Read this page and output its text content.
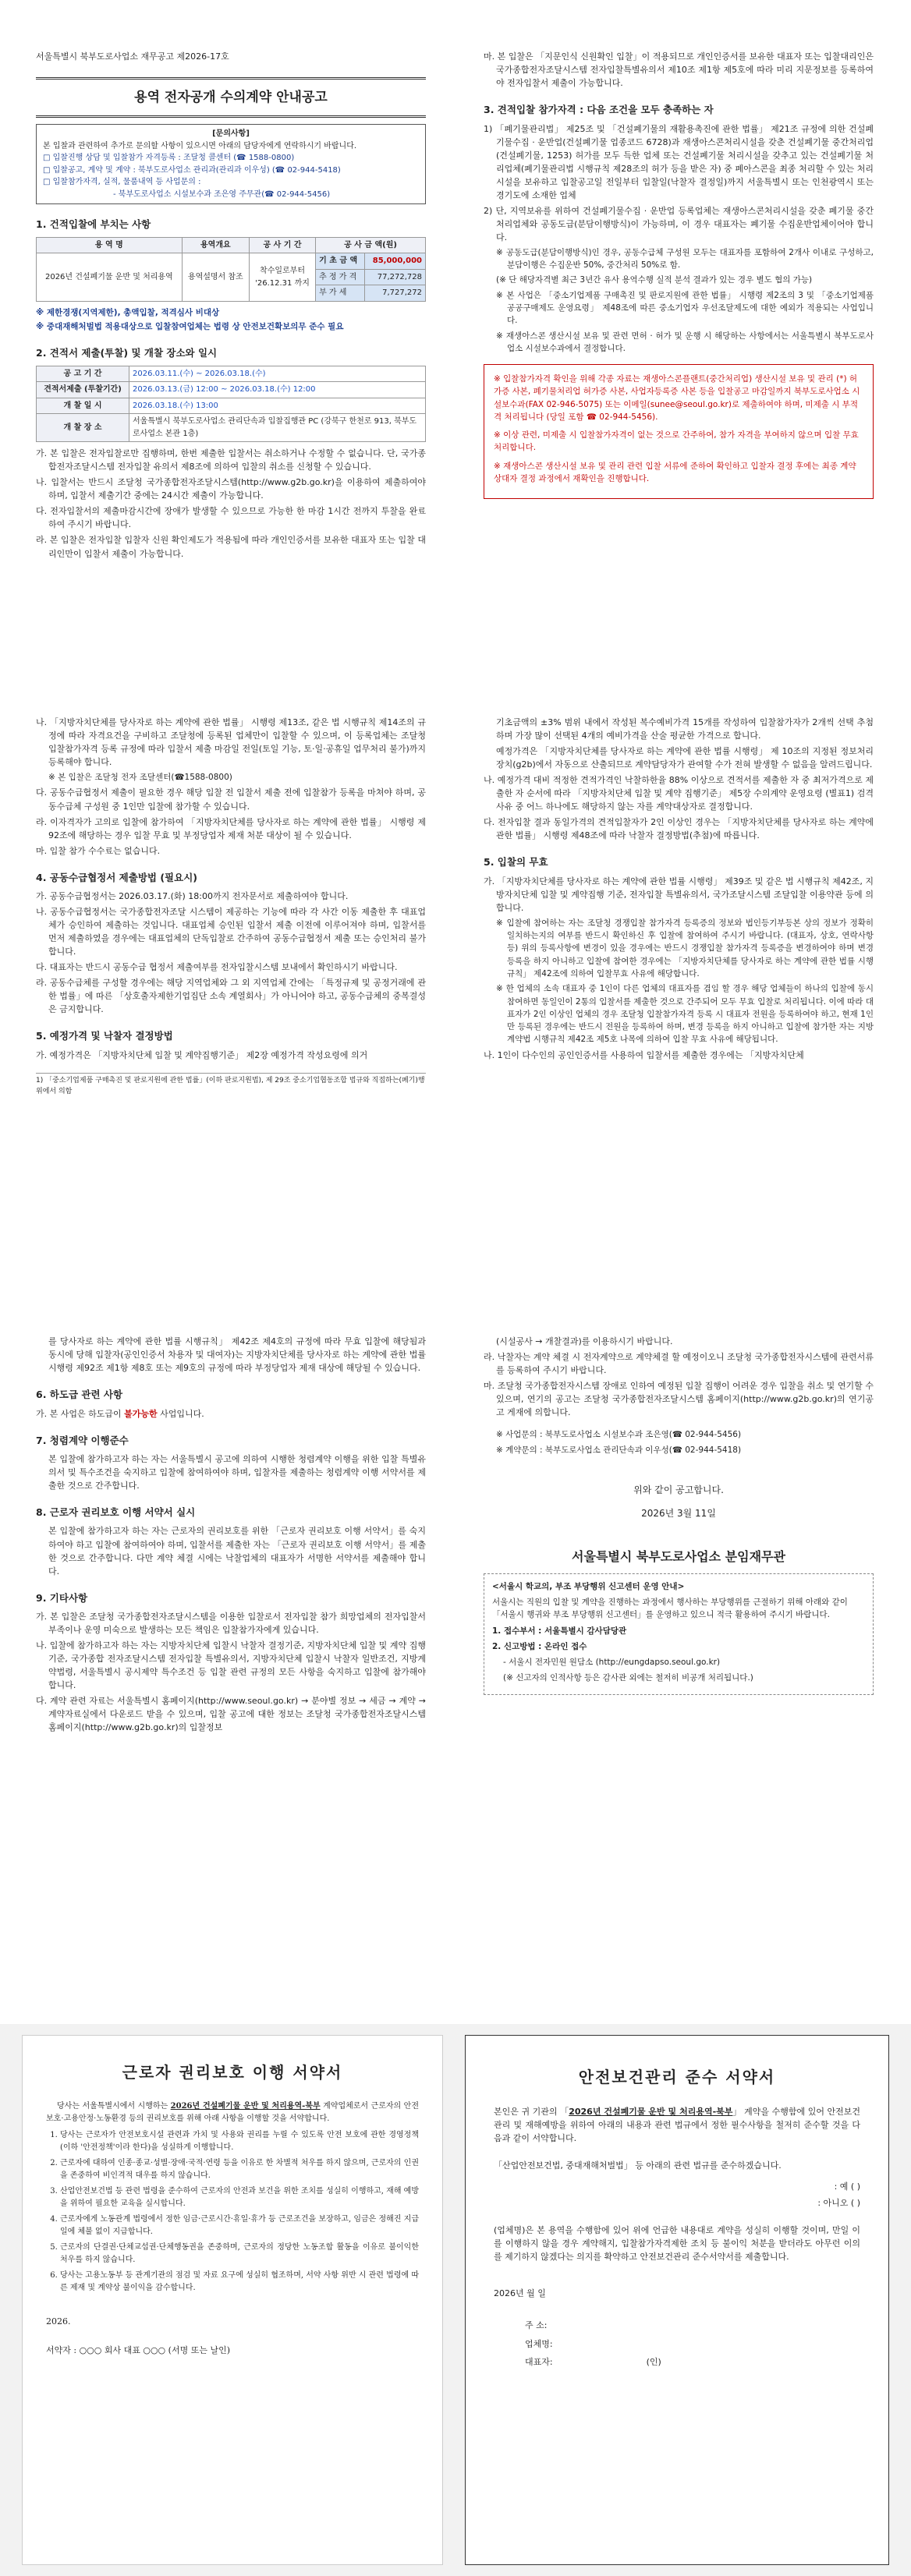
서울특별시 북부도로사업소 재무공고 제2026-17호

용역 전자공개 수의계약 안내공고
[문의사항]
본 입찰과 관련하여 추가로 문의할 사항이 있으시면 아래의 담당자에게 연락하시기 바랍니다.
□ 입찰진행 상담 및 입찰참가 자격등록 : 조달청 콜센터 (☎ 1588-0800)
□ 입찰공고, 계약 및 계약 : 북부도로사업소 관리과(관리과 이우성) (☎ 02-944-5418)
□ 입찰참가자격, 실적, 물품내역 등 사업문의 :
- 북부도로사업소 시설보수과 조은영 주무관(☎ 02-944-5456)
1. 건적입찰에 부치는 사항
용 역 명	용역개요	공 사 기 간	공 사 금 액(원)	
2026년 건설폐기물 운반 및 처리용역	용역설명서 참조	착수일로부터
'26.12.31 까지	기 초 금 액	85,000,000
			추 정 가 격	77,272,728
			부 가 세	7,727,272

※ 제한경쟁(지역제한), 총액입찰, 적격심사 비대상

※ 중대재해처벌법 적용대상으로 입찰참여업체는 법령 상 안전보건확보의무 준수 필요

2. 견적서 제출(투찰) 및 개찰 장소와 일시
공 고 기 간	2026.03.11.(수) ~ 2026.03.18.(수)
견적서제출 (투찰기간)	2026.03.13.(금) 12:00 ~ 2026.03.18.(수) 12:00
개 찰 일 시	2026.03.18.(수) 13:00
개 찰 장 소	서울특별시 북부도로사업소 관리단속과 입찰집행관 PC (강북구 한천로 913, 북부도로사업소 본관 1층)

가. 본 입찰은 전자입찰로만 집행하며, 한번 제출한 입찰서는 취소하거나 수정할 수 없습니다. 단, 국가종합전자조달시스템 전자입찰 유의서 제8조에 의하여 입찰의 취소를 신청할 수 있습니다.

나. 입찰서는 반드시 조달청 국가종합전자조달시스템(http://www.g2b.go.kr)을 이용하여 제출하여야 하며, 입찰서 제출기간 중에는 24시간 제출이 가능합니다.

다. 전자입찰서의 제출마감시간에 장애가 발생할 수 있으므로 가능한 한 마감 1시간 전까지 투찰을 완료하여 주시기 바랍니다.

라. 본 입찰은 전자입찰 입찰자 신원 확인제도가 적용됨에 따라 개인인증서를 보유한 대표자 또는 입찰 대리인만이 입찰서 제출이 가능합니다.

마. 본 입찰은 「지문인식 신원확인 입찰」이 적용되므로 개인인증서를 보유한 대표자 또는 입찰대리인은 국가종합전자조달시스템 전자입찰특별유의서 제10조 제1항 제5호에 따라 미리 지문정보를 등록하여야 전자입찰서 제출이 가능합니다.

3. 견적입찰 참가자격 : 다음 조건을 모두 충족하는 자

1) 「폐기물관리법」 제25조 및 「건설폐기물의 재활용촉진에 관한 법률」 제21조 규정에 의한 건설폐기물수집 · 운반업(건설폐기물 업종코드 6728)과 재생아스콘처리시설을 갖춘 건설폐기물 중간처리업(건설폐기물, 1253) 허가를 모두 득한 업체 또는 건설폐기물 처리시설을 갖추고 있는 건설폐기물 처리업체(폐기물관리법 시행규칙 제28조의 허가 등을 받은 자) 중 폐아스콘을 최종 처리할 수 있는 처리시설을 보유하고 입찰공고일 전일부터 입찰일(낙찰자 결정일)까지 서울특별시 또는 인천광역시 또는 경기도에 소재한 업체

2) 단, 지역보유를 위하여 건설폐기물수집 · 운반업 등록업체는 재생아스콘처리시설을 갖춘 폐기물 중간처리업체와 공동도급(분담이행방식)이 가능하며, 이 경우 대표자는 폐기물 수집운반업체이어야 합니다.

※ 공동도급(분담이행방식)인 경우, 공동수급체 구성원 모두는 대표자를 포함하여 2개사 이내로 구성하고, 분담이행은 수집운반 50%, 중간처리 50%로 함.

(※ 단 해당자격별 최근 3년간 유사 용역수행 실적 분석 결과가 있는 경우 별도 협의 가능)

※ 본 사업은 「중소기업제품 구매촉진 및 판로지원에 관한 법률」 시행령 제2조의 3 및 「중소기업제품 공공구매제도 운영요령」 제48조에 따른 중소기업자 우선조달제도에 대한 예외가 적용되는 사업입니다.

※ 재생아스콘 생산시설 보유 및 관련 면허 · 허가 및 운행 시 해당하는 사항에서는 서울특별시 북부도로사업소 시설보수과에서 결정합니다.

※ 입찰참가자격 확인을 위해 각종 자료는 재생아스콘플랜트(중간처리업) 생산시설 보유 및 관리 (*) 허가증 사본, 폐기물처리업 허가증 사본, 사업자등록증 사본 등을 입찰공고 마감일까지 북부도로사업소 시설보수과(FAX 02-946-5075) 또는 이메일(sunee@seoul.go.kr)로 제출하여야 하며, 미제출 시 부적격 처리됩니다 (당일 포함 ☎ 02-944-5456).

※ 이상 관련, 미제출 시 입찰참가자격이 없는 것으로 간주하여, 참가 자격을 부여하지 않으며 입찰 무효 처리합니다.

※ 재생아스콘 생산시설 보유 및 관리 관련 입찰 서류에 준하여 확인하고 입찰자 결정 후에는 최종 계약상대자 결정 과정에서 재확인을 진행합니다.

나. 「지방자치단체를 당사자로 하는 계약에 관한 법률」 시행령 제13조, 같은 법 시행규칙 제14조의 규정에 따라 자격요건을 구비하고 조달청에 등록된 업체만이 입찰할 수 있으며, 이 등록업체는 조달청 입찰참가자격 등록 규정에 따라 입찰서 제출 마감일 전일(토일 기능, 토·일·공휴일 업무처리 불가)까지 등록해야 합니다.

※ 본 입찰은 조달청 전자 조달센터(☎1588-0800)

다. 공동수급협정서 제출이 필요한 경우 해당 입찰 전 입찰서 제출 전에 입찰참가 등록을 마쳐야 하며, 공동수급체 구성원 중 1인만 입찰에 참가할 수 있습니다.

라. 이자격자가 고의로 입찰에 참가하여 「지방자치단체를 당사자로 하는 계약에 관한 법률」 시행령 제92조에 해당하는 경우 입찰 무효 및 부정당업자 제재 처분 대상이 될 수 있습니다.

마. 입찰 참가 수수료는 없습니다.

4. 공동수급협정서 제출방법 (필요시)

가. 공동수급협정서는 2026.03.17.(화) 18:00까지 전자문서로 제출하여야 합니다.

나. 공동수급협정서는 국가종합전자조달 시스템이 제공하는 기능에 따라 각 사간 이동 제출한 후 대표업체가 승인하여 제출하는 것입니다. 대표업체 승인된 입찰서 제출 이전에 이루어져야 하며, 입찰서를 먼저 제출하였을 경우에는 대표업체의 단독입찰로 간주하여 공동수급협정서 제출 또는 승인처리 불가합니다.

다. 대표자는 반드시 공동수급 협정서 제출여부를 전자입찰시스템 보내에서 확인하시기 바랍니다.

라. 공동수급체를 구성할 경우에는 해당 지역업체와 그 외 지역업체 간에는 「특정규제 및 공정거래에 관한 법률」에 따른 「상호출자제한기업집단 소속 계열회사」가 아니어야 하고, 공동수급체의 중복결성은 금지합니다.

5. 예정가격 및 낙찰자 결정방법

가. 예정가격은 「지방자치단체 입찰 및 계약집행기준」 제2장 예정가격 작성요령에 의거

1) 「중소기업제품 구매촉진 및 판로지원에 관한 법률」(이하 판로지원법), 제 29조 중소기업협동조합 법규와 직접하는(폐기)행위에서 의함

기초금액의 ±3% 범위 내에서 작성된 복수예비가격 15개를 작성하여 입찰참가자가 2개씩 선택 추첨하며 가장 많이 선택된 4개의 예비가격을 산술 평균한 가격으로 합니다.

예정가격은 「지방자치단체를 당사자로 하는 계약에 관한 법률 시행령」 제 10조의 지정된 정보처리장치(g2b)에서 자동으로 산출되므로 계약담당자가 관여할 수가 전혀 발생할 수 없음을 알려드립니다.

나. 예정가격 대비 적정한 견적가격인 낙찰하한율 88% 이상으로 견적서를 제출한 자 중 최저가격으로 제출한 자 순서에 따라 「지방자치단체 입찰 및 계약 집행기준」 제5장 수의계약 운영요령 (별표1) 검격사유 중 어느 하나에도 해당하지 않는 자를 계약대상자로 결정합니다.

다. 전자입찰 결과 동일가격의 견적입찰자가 2인 이상인 경우는 「지방자치단체를 당사자로 하는 계약에 관한 법률」 시행령 제48조에 따라 낙찰자 결정방법(추첨)에 따릅니다.

5. 입찰의 무효

가. 「지방자치단체를 당사자로 하는 계약에 관한 법률 시행령」 제39조 및 같은 법 시행규칙 제42조, 지방자치단체 입찰 및 계약집행 기준, 전자입찰 특별유의서, 국가조달시스템 조달입찰 이용약관 등에 의합니다.

※ 입찰에 참여하는 자는 조달청 경쟁입찰 참가자격 등록증의 정보와 법인등기부등본 상의 정보가 정확히 일치하는지의 여부를 반드시 확인하신 후 입찰에 참여하여 주시기 바랍니다. (대표자, 상호, 연락사항 등) 위의 등록사항에 변경이 있을 경우에는 반드시 경쟁입찰 참가자격 등록증을 변경하여야 하며 변경등록을 하지 아니하고 입찰에 참여한 경우에는 「지방자치단체를 당사자로 하는 계약에 관한 법률 시행규칙」 제42조에 의하여 입찰무효 사유에 해당합니다.

※ 한 업체의 소속 대표자 중 1인이 다른 업체의 대표자를 겸임 할 경우 해당 업체들이 하나의 입찰에 동시 참여하면 동일인이 2통의 입찰서를 제출한 것으로 간주되어 모두 무효 입찰로 처리됩니다. 이에 따라 대표자가 2인 이상인 업체의 경우 조달청 입찰참가자격 등록 시 대표자 전원을 등록하여야 하고, 현재 1인만 등록된 경우에는 반드시 전원을 등록하여 하며, 변경 등록을 하지 아니하고 입찰에 참가한 자는 지방계약법 시행규칙 제42조 제5호 나목에 의하여 입찰 무효 사유에 해당됩니다.

나. 1인이 다수인의 공인인증서를 사용하여 입찰서를 제출한 경우에는 「지방자치단체

를 당사자로 하는 계약에 관한 법률 시행규칙」 제42조 제4호의 규정에 따라 무효 입찰에 해당됨과 동시에 당해 입찰자(공인인증서 차용자 및 대여자)는 지방자치단체를 당사자로 하는 계약에 관한 법률 시행령 제92조 제1항 제8호 또는 제9호의 규정에 따라 부정당업자 제재 대상에 해당될 수 있습니다.

6. 하도급 관련 사항

가. 본 사업은 하도급이 불가능한 사업입니다.

7. 청렴계약 이행준수

본 입찰에 참가하고자 하는 자는 서울특별시 공고에 의하여 시행한 청렴계약 이행을 위한 입찰 특별유의서 및 특수조건을 숙지하고 입찰에 참여하여야 하며, 입찰자를 제출하는 청렴계약 이행 서약서를 제출한 것으로 간주합니다.

8. 근로자 권리보호 이행 서약서 실시

본 입찰에 참가하고자 하는 자는 근로자의 권리보호를 위한 「근로자 권리보호 이행 서약서」를 숙지하여야 하고 입찰에 참여하여야 하며, 입찰서를 제출한 자는 「근로자 권리보호 이행 서약서」를 제출한 것으로 간주합니다. 다만 계약 체결 시에는 낙찰업체의 대표자가 서명한 서약서를 제출해야 합니다.

9. 기타사항

가. 본 입찰은 조달청 국가종합전자조달시스템을 이용한 입찰로서 전자입찰 참가 희망업체의 전자입찰서 부족이나 운영 미숙으로 발생하는 모든 책임은 입찰참가자에게 있습니다.

나. 입찰에 참가하고자 하는 자는 지방자치단체 입찰시 낙찰자 결정기준, 지방자치단체 입찰 및 계약 집행기준, 국가종합 전자조달시스템 전자입찰 특별유의서, 지방자치단체 입찰시 낙찰자 일반조건, 지방계약법령, 서울특별시 공시제약 특수조건 등 입찰 관련 규정의 모든 사항을 숙지하고 입찰에 참가해야 합니다.

다. 계약 관련 자료는 서울특별시 홈페이지(http://www.seoul.go.kr) → 분야별 정보 → 세금 → 계약 → 계약자료실에서 다운로드 받을 수 있으며, 입찰 공고에 대한 정보는 조달청 국가종합전자조달시스템 홈페이지(http://www.g2b.go.kr)의 입찰정보

(시설공사 → 개찰결과)를 이용하시기 바랍니다.

라. 낙찰자는 계약 체결 시 전자계약으로 계약체결 할 예정이오니 조달청 국가종합전자시스템에 관련서류를 등록하여 주시기 바랍니다.

마. 조달청 국가종합전자시스템 장애로 인하여 예정된 입찰 집행이 어려운 경우 입찰을 취소 및 연기할 수 있으며, 연기의 공고는 조달청 국가종합전자조달시스템 홈페이지(http://www.g2b.go.kr)의 연기공고 게재에 의합니다.

※ 사업문의 : 북부도로사업소 시설보수과 조은영(☎ 02-944-5456)

※ 계약문의 : 북부도로사업소 관리단속과 이우성(☎ 02-944-5418)

위와 같이 공고합니다.

2026년 3월 11일

서울특별시 북부도로사업소 분임재무관

<서울시 학교의, 부조 부당행위 신고센터 운영 안내>

서울시는 직원의 입찰 및 계약을 진행하는 과정에서 행사하는 부당행위를 근절하기 위해 아래와 같이 「서울시 행귀와 부조 부당행위 신고센터」를 운영하고 있으니 적극 활용하여 주시기 바랍니다.

1. 접수부서 : 서울특별시 감사담당관

2. 신고방법 : 온라인 접수

- 서울시 전자민원 원담소 (http://eungdapso.seoul.go.kr)

(※ 신고자의 인적사항 등은 감사관 외에는 철저히 비공개 처리됩니다.)

근로자 권리보호 이행 서약서

당사는 서울특별시에서 시행하는 2026년 건설폐기물 운반 및 처리용역-북부 계약업체로서 근로자의 안전보호·고용안정·노동환경 등의 권리보호를 위해 아래 사항을 이행할 것을 서약합니다.

1. 당사는 근로자가 안전보호시설 관련과 가치 및 사용와 권리를 누릴 수 있도록 안전 보호에 관한 경영정책(이하 '안전정책'이라 한다)을 성실하게 이행합니다.
2. 근로자에 대하여 인종·종교·성별·장애·국적·연령 등을 이유로 한 차별적 처우를 하지 않으며, 근로자의 인권을 존중하여 비인격적 대우를 하지 않습니다.
3. 산업안전보건법 등 관련 법령을 준수하여 근로자의 안전과 보건을 위한 조치를 성실히 이행하고, 재해 예방을 위하여 필요한 교육을 실시합니다.
4. 근로자에게 노동관계 법령에서 정한 임금·근로시간·휴일·휴가 등 근로조건을 보장하고, 임금은 정해진 지급일에 체불 없이 지급합니다.
5. 근로자의 단결권·단체교섭권·단체행동권을 존중하며, 근로자의 정당한 노동조합 활동을 이유로 불이익한 처우를 하지 않습니다.
6. 당사는 고용노동부 등 관계기관의 점검 및 자료 요구에 성실히 협조하며, 서약 사항 위반 시 관련 법령에 따른 제재 및 계약상 불이익을 감수합니다.

2026.

서약자 : ○○○ 회사 대표 ○○○ (서명 또는 날인)

안전보건관리 준수 서약서

본인은 귀 기관의 「2026년 건설폐기물 운반 및 처리용역-북부」 계약을 수행함에 있어 안전보건관리 및 재해예방을 위하여 아래의 내용과 관련 법규에서 정한 필수사항을 철저히 준수할 것을 다음과 같이 서약합니다.

「산업안전보건법, 중대재해처벌법」 등 아래의 관련 법규를 준수하겠습니다.

: 예 ( )
: 아니오 ( )

(업체명)은 본 용역을 수행함에 있어 위에 언급한 내용대로 계약을 성실히 이행할 것이며, 만일 이를 이행하지 않을 경우 계약해지, 입찰참가자격제한 조치 등 불이익 처분을 받더라도 아무런 이의를 제기하지 않겠다는 의지를 확약하고 안전보건관리 준수서약서를 제출합니다.

2026년 월 일

주 소:
업체명:
대표자:	(인)
